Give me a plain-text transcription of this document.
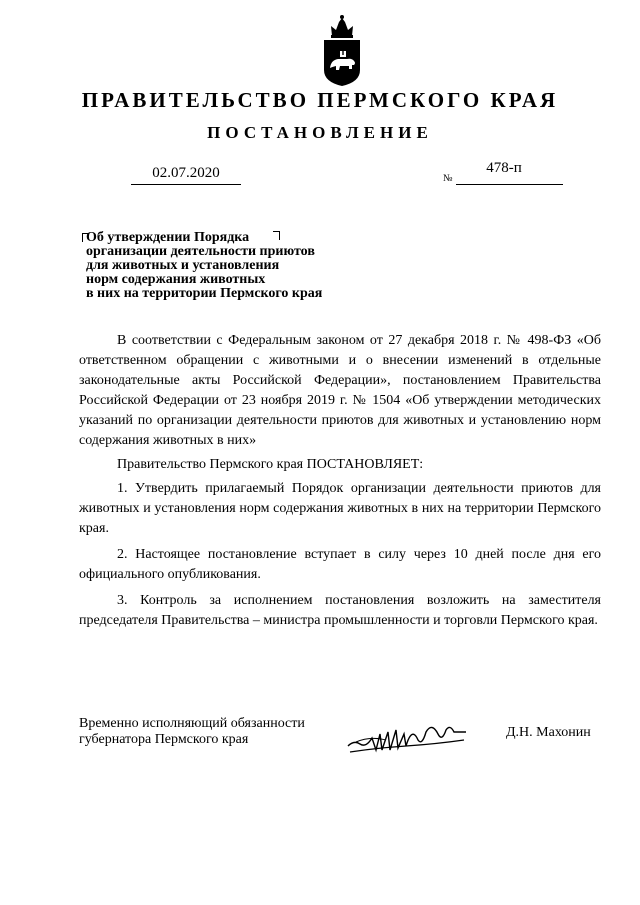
ПРАВИТЕЛЬСТВО ПЕРМСКОГО КРАЯ
ПОСТАНОВЛЕНИЕ
02.07.2020	№
478-п
Об утверждении Порядка
организации деятельности приютов
для животных и установления
норм содержания животных
в них на территории Пермского края

В соответствии с Федеральным законом от 27 декабря 2018 г. № 498-ФЗ «Об ответственном обращении с животными и о внесении изменений в отдельные законодательные акты Российской Федерации», постановлением Правительства Российской Федерации от 23 ноября 2019 г. № 1504 «Об утверждении методических указаний по организации деятельности приютов для животных и установлению норм содержания животных в них»

Правительство Пермского края ПОСТАНОВЛЯЕТ:

1. Утвердить прилагаемый Порядок организации деятельности приютов для животных и установления норм содержания животных в них на территории Пермского края.

2. Настоящее постановление вступает в силу через 10 дней после дня его официального опубликования.

3. Контроль за исполнением постановления возложить на заместителя председателя Правительства – министра промышленности и торговли Пермского края.

Временно исполняющий обязанности
губернатора Пермского края	Д.Н. Махонин
